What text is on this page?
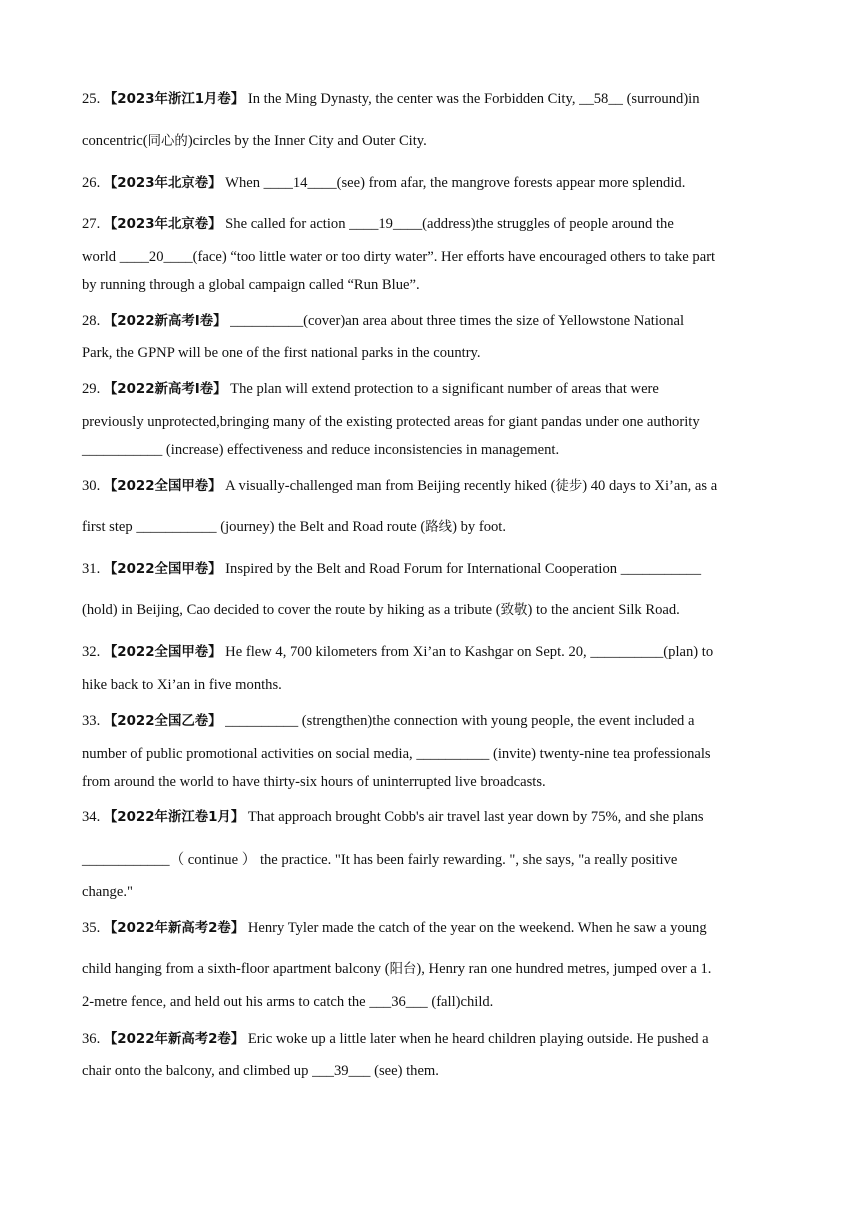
25. 【2023年浙江1月卷】 In the Ming Dynasty, the center was the Forbidden City, __58__ (surround)in
concentric(同心的)circles by the Inner City and Outer City.
26. 【2023年北京卷】 When ____14____(see) from afar, the mangrove forests appear more splendid.
27. 【2023年北京卷】 She called for action ____19____(address)the struggles of people around the
world ____20____(face) “too little water or too dirty water”. Her efforts have encouraged others to take part
by running through a global campaign called “Run Blue”.
28. 【2022新高考I卷】 __________(cover)an area about three times the size of Yellowstone National
Park, the GPNP will be one of the first national parks in the country.
29. 【2022新高考I卷】 The plan will extend protection to a significant number of areas that were
previously unprotected,bringing many of the existing protected areas for giant pandas under one authority
___________ (increase) effectiveness and reduce inconsistencies in management.
30. 【2022全国甲卷】 A visually-challenged man from Beijing recently hiked (徒步) 40 days to Xi’an, as a
first step ___________ (journey) the Belt and Road route (路线) by foot.
31. 【2022全国甲卷】 Inspired by the Belt and Road Forum for International Cooperation ___________
(hold) in Beijing, Cao decided to cover the route by hiking as a tribute (致敬) to the ancient Silk Road.
32. 【2022全国甲卷】 He flew 4, 700 kilometers from Xi’an to Kashgar on Sept. 20, __________(plan) to
hike back to Xi’an in five months.
33. 【2022全国乙卷】 __________ (strengthen)the connection with young people, the event included a
number of public promotional activities on social media, __________ (invite) twenty-nine tea professionals
from around the world to have thirty-six hours of uninterrupted live broadcasts.
34. 【2022年浙江卷1月】 That approach brought Cobb's air travel last year down by 75%, and she plans
____________（ continue ） the practice. "It has been fairly rewarding. ", she says, "a really positive
change."
35. 【2022年新高考2卷】 Henry Tyler made the catch of the year on the weekend. When he saw a young
child hanging from a sixth-floor apartment balcony (阳台), Henry ran one hundred metres, jumped over a 1.
2-metre fence, and held out his arms to catch the ___36___ (fall)child.
36. 【2022年新高考2卷】 Eric woke up a little later when he heard children playing outside. He pushed a
chair onto the balcony, and climbed up ___39___ (see) them.
